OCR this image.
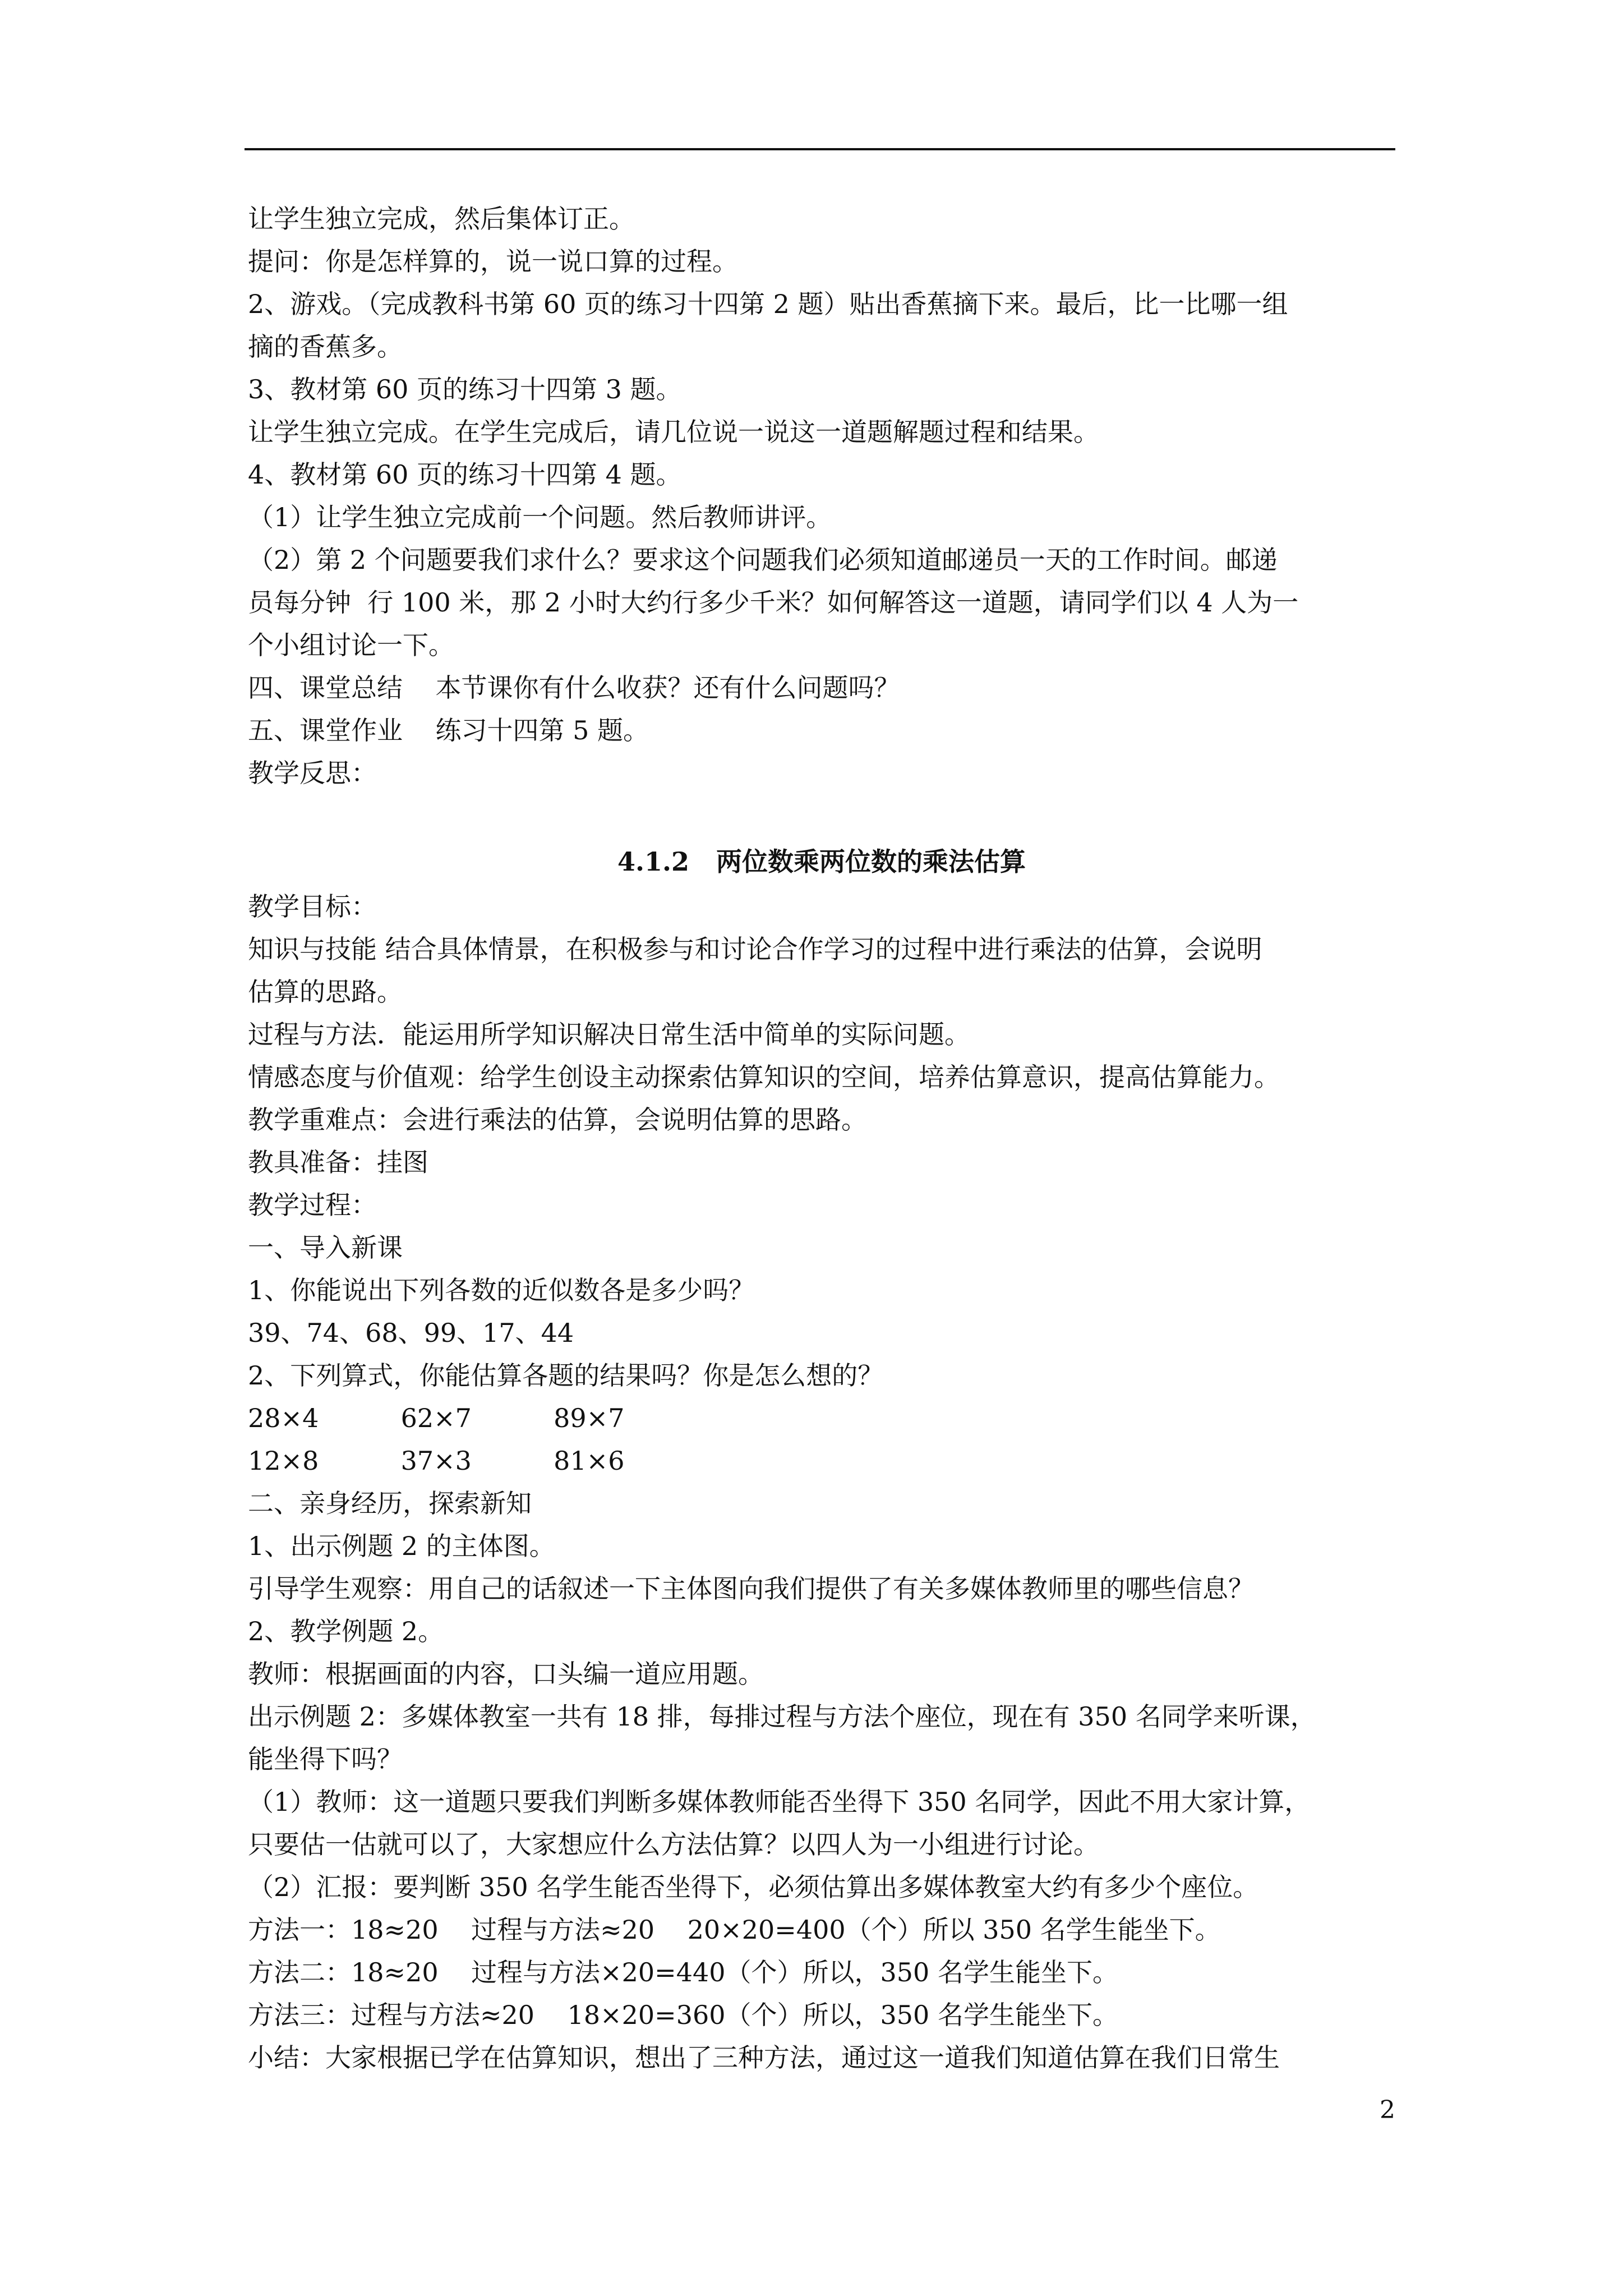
让学生独立完成，然后集体订正。

提问：你是怎样算的，说一说口算的过程。

2、游戏。（完成教科书第 60 页的练习十四第 2 题）贴出香蕉摘下来。最后，比一比哪一组

摘的香蕉多。

3、教材第 60 页的练习十四第 3 题。

让学生独立完成。在学生完成后，请几位说一说这一道题解题过程和结果。

4、教材第 60 页的练习十四第 4 题。

（1）让学生独立完成前一个问题。然后教师讲评。

（2）第 2 个问题要我们求什么？要求这个问题我们必须知道邮递员一天的工作时间。邮递

员每分钟  行 100 米，那 2 小时大约行多少千米？如何解答这一道题，请同学们以 4 人为一

个小组讨论一下。

四、课堂总结    本节课你有什么收获？还有什么问题吗？

五、课堂作业    练习十四第 5 题。

教学反思：

4.1.2   两位数乘两位数的乘法估算

教学目标：

知识与技能 结合具体情景，在积极参与和讨论合作学习的过程中进行乘法的估算，会说明

估算的思路。

过程与方法．能运用所学知识解决日常生活中简单的实际问题。

情感态度与价值观：给学生创设主动探索估算知识的空间，培养估算意识，提高估算能力。

教学重难点：会进行乘法的估算，会说明估算的思路。

教具准备：挂图

教学过程：

一、导入新课

1、你能说出下列各数的近似数各是多少吗？

39、74、68、99、17、44

2、下列算式，你能估算各题的结果吗？你是怎么想的？

28×4          62×7          89×7

12×8          37×3          81×6

二、亲身经历，探索新知

1、出示例题 2 的主体图。

引导学生观察：用自己的话叙述一下主体图向我们提供了有关多媒体教师里的哪些信息？

2、教学例题 2。

教师：根据画面的内容，口头编一道应用题。

出示例题 2：多媒体教室一共有 18 排，每排过程与方法个座位，现在有 350 名同学来听课，

能坐得下吗？

（1）教师：这一道题只要我们判断多媒体教师能否坐得下 350 名同学，因此不用大家计算，

只要估一估就可以了，大家想应什么方法估算？以四人为一小组进行讨论。

（2）汇报：要判断 350 名学生能否坐得下，必须估算出多媒体教室大约有多少个座位。

方法一：18≈20    过程与方法≈20    20×20=400（个）所以 350 名学生能坐下。

方法二：18≈20    过程与方法×20=440（个）所以，350 名学生能坐下。

方法三：过程与方法≈20    18×20=360（个）所以，350 名学生能坐下。

小结：大家根据已学在估算知识，想出了三种方法，通过这一道我们知道估算在我们日常生

2
